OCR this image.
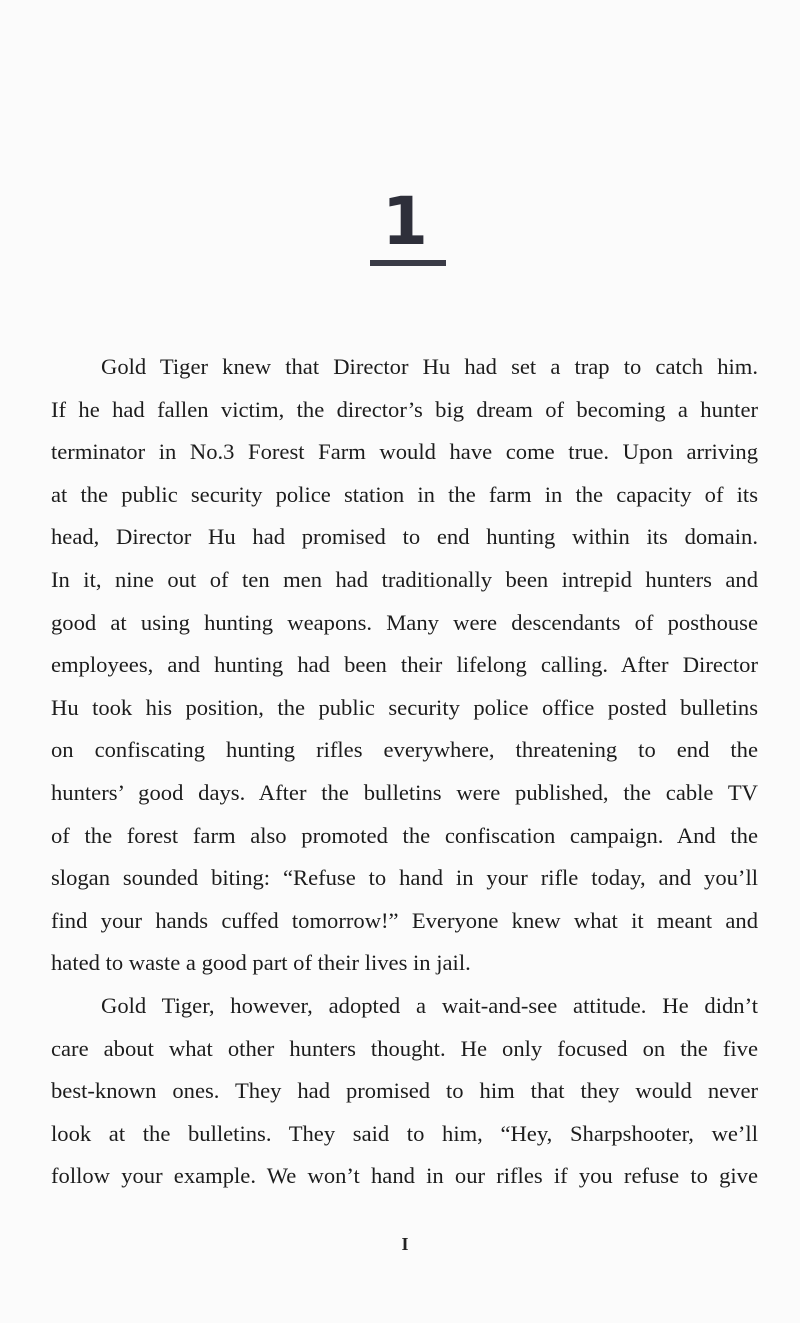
1
Gold Tiger knew that Director Hu had set a trap to catch him.
If he had fallen victim, the director’s big dream of becoming a hunter
terminator in No.3 Forest Farm would have come true. Upon arriving
at the public security police station in the farm in the capacity of its
head, Director Hu had promised to end hunting within its domain.
In it, nine out of ten men had traditionally been intrepid hunters and
good at using hunting weapons. Many were descendants of posthouse
employees, and hunting had been their lifelong calling. After Director
Hu took his position, the public security police office posted bulletins
on confiscating hunting rifles everywhere, threatening to end the
hunters’ good days. After the bulletins were published, the cable TV
of the forest farm also promoted the confiscation campaign. And the
slogan sounded biting: “Refuse to hand in your rifle today, and you’ll
find your hands cuffed tomorrow!” Everyone knew what it meant and
hated to waste a good part of their lives in jail.
Gold Tiger, however, adopted a wait-and-see attitude. He didn’t
care about what other hunters thought. He only focused on the five
best-known ones. They had promised to him that they would never
look at the bulletins. They said to him, “Hey, Sharpshooter, we’ll
follow your example. We won’t hand in our rifles if you refuse to give
I
